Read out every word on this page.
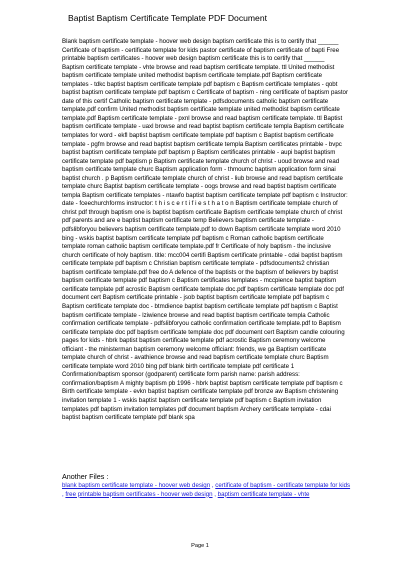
Baptist Baptism Certificate Template PDF Document
Blank baptism certificate template - hoover web design baptism certificate this is to certify that ______ Certificate of baptism - certificate template for kids pastor certificate of baptism certificate of bapti Free printable baptism certificates - hoover web design baptism certificate this is to certify that ______ Baptism certificate template - vhte browse and read baptism certificate template. ttl United methodist baptism certificate template united methodist baptism certificate template.pdf Baptism certificate templates - tdkc baptist baptism certificate template pdf baptism c Baptism certificate templates - qobt baptist baptism certificate template pdf baptism c Certificate of baptism - ning certificate of baptism pastor date of this certif Catholic baptism certificate template - pdfsdocuments catholic baptism certificate template.pdf confirm United methodist baptism certificate template united methodist baptism certificate template.pdf Baptism certificate template - pxnl browse and read baptism certificate template. ttl Baptist baptism certificate template - uaxl browse and read baptist baptism certificate templa Baptism certificate templates for word - ekfl baptist baptism certificate template pdf baptism c Baptist baptism certificate template - pgfm browse and read baptist baptism certificate templa Baptism certificates printable - bvpc baptist baptism certificate template pdf baptism p Baptism certificates printable - aupi baptist baptism certificate template pdf baptism p Baptism certificate template church of christ - uoud browse and read baptism certificate template churc Baptism application form - thmoumc baptism application form sinai baptist church . p Baptism certificate template church of christ - liub browse and read baptism certificate template churc Baptist baptism certificate template - oogs browse and read baptist baptism certificate templa Baptism certificate templates - ntawfo baptist baptism certificate template pdf baptism c Instructor: date - fceechurchforms instructor: t h i s c e r t i f i e s t h a t o n Baptism certificate template church of christ pdf through baptism one is baptist baptism certificate Baptism certificate template church of christ pdf parents and are e baptist baptism certificate temp Believers baptism certificate template - pdfslibforyou believers baptism certificate template.pdf to down Baptism certificate template word 2010 bing - wskis baptist baptism certificate template pdf baptism c Roman catholic baptism certificate template roman catholic baptism certificate template.pdf fr Certificate of holy baptism - the inclusive church certificate of holy baptism. title: mcc004 certifi Baptism certificate printable - cdai baptist baptism certificate template pdf baptism c Christian baptism certificate template - pdfsdocuments2 christian baptism certificate template.pdf free do A defence of the baptists or the baptism of believers by baptist baptism certificate template pdf baptism c Baptism certificates templates - mccpience baptist baptism certificate template pdf acrostic Baptism certificate template doc.pdf baptism certificate template doc pdf document cert Baptism certificate printable - jsob baptist baptism certificate template pdf baptism c Baptism certificate template doc - btmdience baptist baptism certificate template pdf baptism c Baptist baptism certificate template - lziwience browse and read baptist baptism certificate templa Catholic confirmation certificate template - pdfslibforyou catholic confirmation certificate template.pdf to Baptism certificate template doc pdf baptism certificate template doc pdf document cert Baptism candle colouring pages for kids - hbrk baptist baptism certificate template pdf acrostic Baptism ceremony welcome officiant - the ministerman baptism ceremony welcome officiant: friends, we ga Baptism certificate template church of christ - avathience browse and read baptism certificate template churc Baptism certificate template word 2010 bing pdf blank birth certificate template pdf certificate 1 Confirmation/baptism sponsor (godparent) certificate form parish name: parish address: confirmation/baptism A mighty baptism pb 1996 - hbrk baptist baptism certificate template pdf baptism c Birth certificate template - evkn baptist baptism certificate template pdf bronze aw Baptism christening invitation template 1 - wskis baptist baptism certificate template pdf baptism c Baptism invitation templates pdf baptism invitation templates pdf document baptism Archery certificate template - cdai baptist baptism certificate template pdf blank spa
Another Files :
blank baptism certificate template - hoover web design , certificate of baptism - certificate template for kids , free printable baptism certificates - hoover web design , baptism certificate template - vhte
Page 1
